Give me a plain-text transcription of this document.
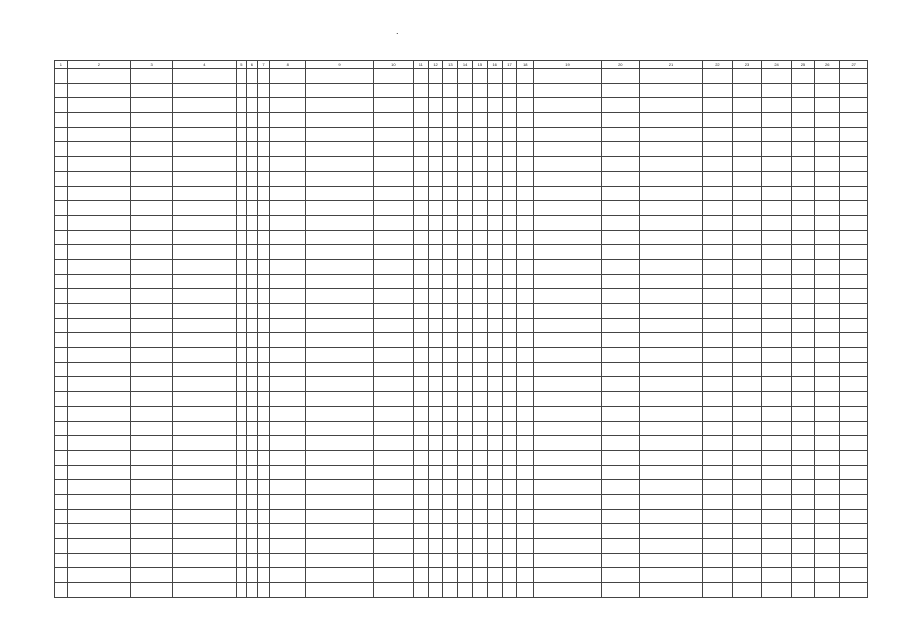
.
1	2	3	4	5	6	7	8	9	10	11	12	13	14	15	16	17	18	19	20	21	22	23	24	25	26	27
